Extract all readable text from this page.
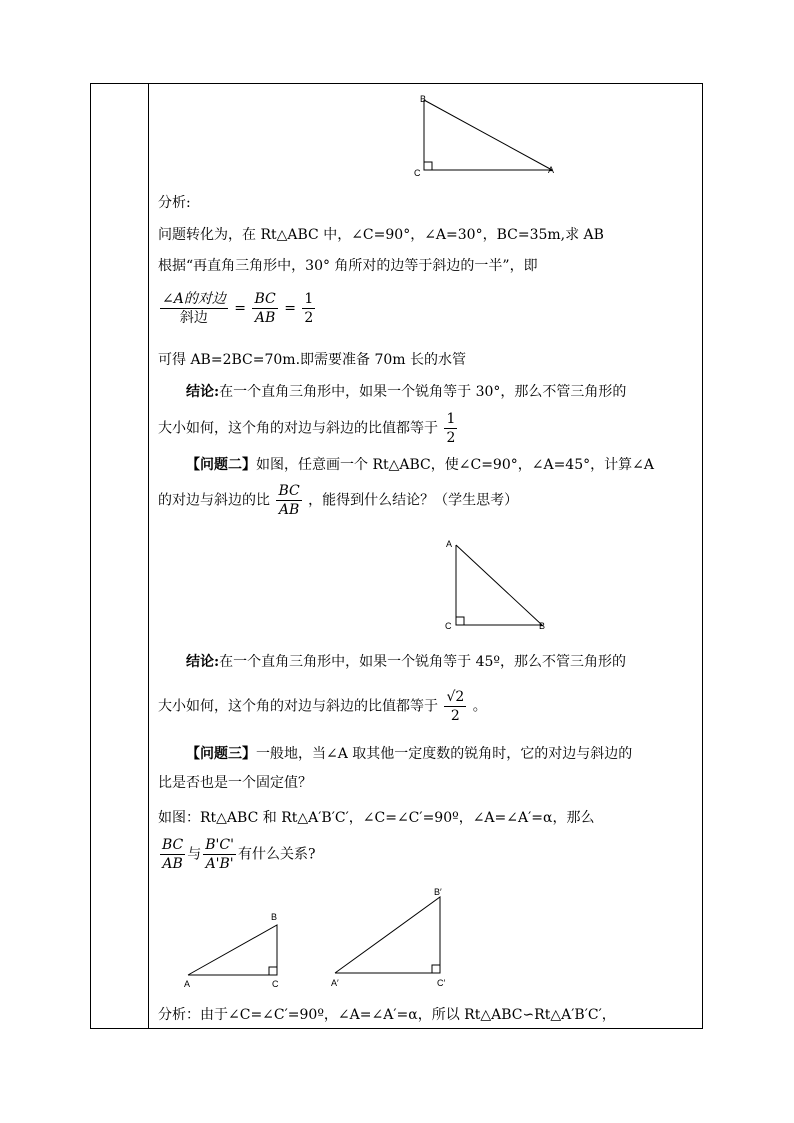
B
C	A
分析:
问题转化为，在 Rt△ABC 中，∠C=90°，∠A=30°，BC=35m,求 AB
根据“再直角三角形中，30° 角所对的边等于斜边的一半”，即
$\frac{\text{∠A的对边}}{\text{斜边}} = \frac{BC}{AB} = \frac{1}{2}$
可得 AB=2BC=70m.即需要准备 70m 长的水管
结论:在一个直角三角形中，如果一个锐角等于 30°，那么不管三角形的
大小如何，这个角的对边与斜边的比值都等于 $\frac{1}{2}$
【问题二】如图，任意画一个 Rt△ABC，使∠C=90°，∠A=45°，计算∠A
的对边与斜边的比 $\frac{BC}{AB}$ ，能得到什么结论？（学生思考）
A
C	B
结论:在一个直角三角形中，如果一个锐角等于 45º，那么不管三角形的
大小如何，这个角的对边与斜边的比值都等于 $\frac{√2}{2}$ 。
【问题三】一般地，当∠A 取其他一定度数的锐角时，它的对边与斜边的
比是否也是一个固定值？
如图：Rt△ABC 和 Rt△A′B′C′，∠C=∠C′=90º，∠A=∠A′=α，那么
$\frac{BC}{AB}$ 与 $\frac{B'C'}{A'B'}$ 有什么关系?
B
A	C
B′
A′	C′
分析：由于∠C=∠C′=90º，∠A=∠A′=α，所以 Rt△ABC∽Rt△A′B′C′，
